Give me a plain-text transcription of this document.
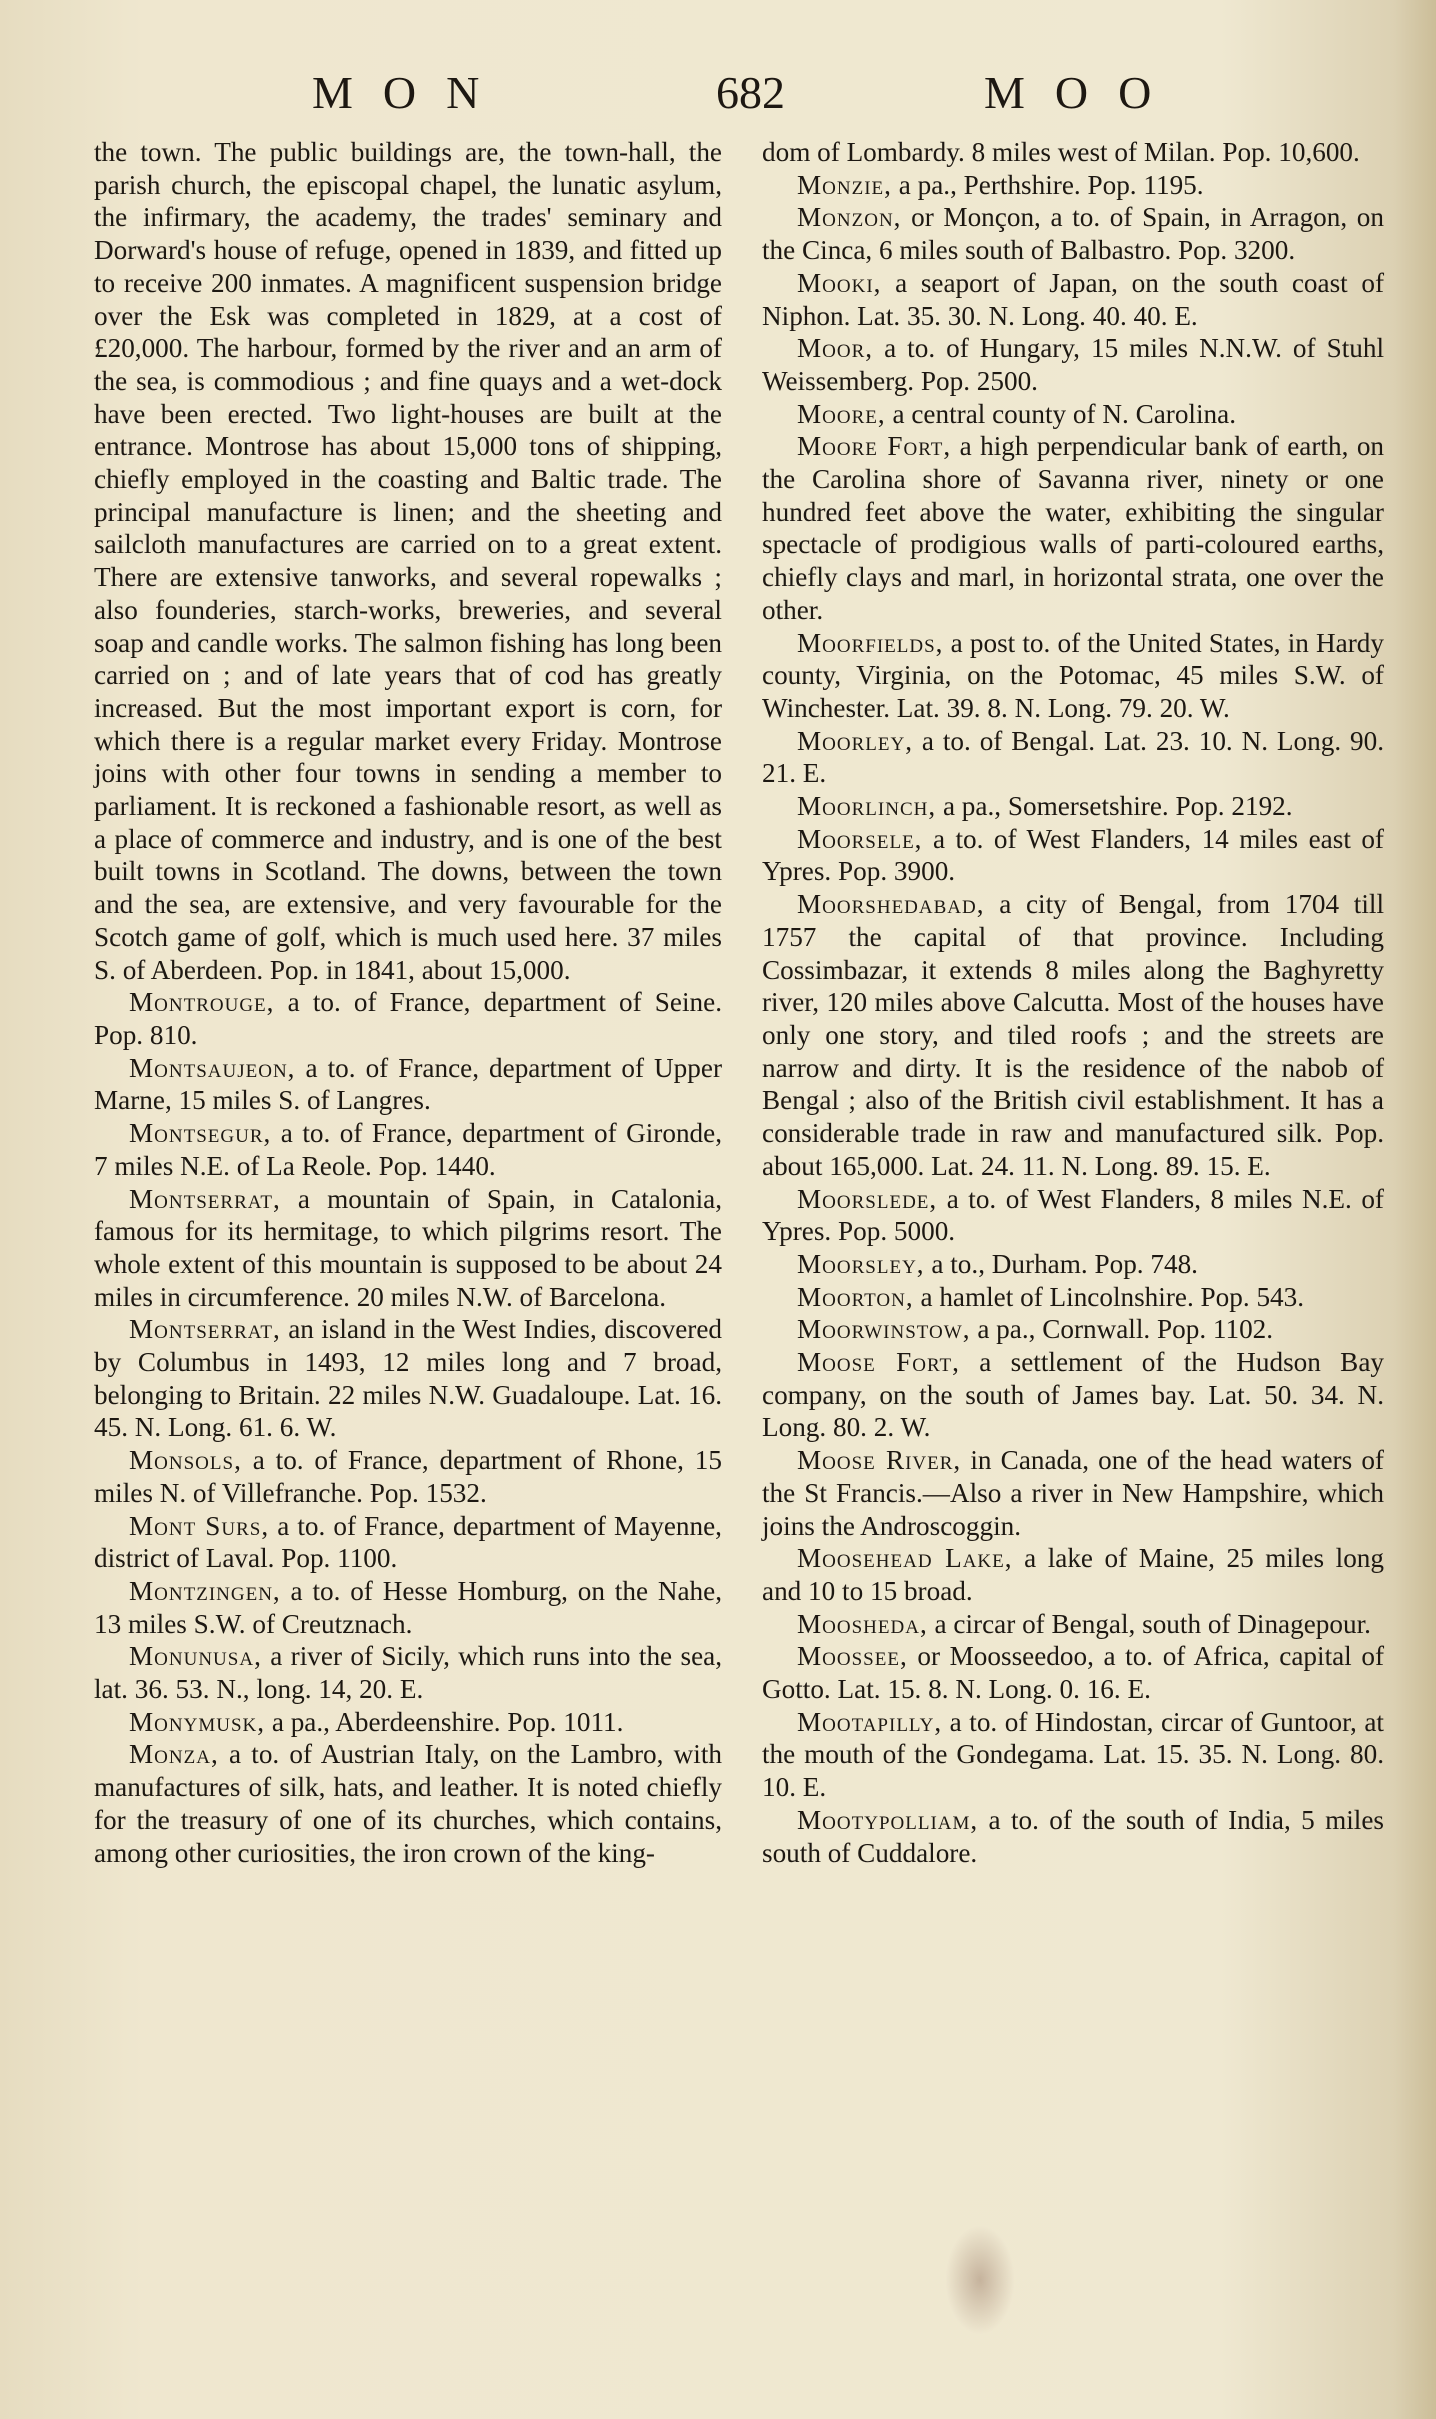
MON	682	MOO

the town. The public buildings are, the town-hall, the parish church, the episcopal chapel, the lunatic asylum, the infirmary, the academy, the trades' seminary and Dorward's house of refuge, opened in 1839, and fitted up to receive 200 inmates. A magnificent suspension bridge over the Esk was completed in 1829, at a cost of £20,000. The harbour, formed by the river and an arm of the sea, is commodious ; and fine quays and a wet-dock have been erected. Two light-houses are built at the entrance. Montrose has about 15,000 tons of shipping, chiefly employed in the coasting and Baltic trade. The principal manufacture is linen; and the sheeting and sailcloth manufactures are carried on to a great extent. There are extensive tanworks, and several ropewalks ; also founderies, starch-works, breweries, and several soap and candle works. The salmon fishing has long been carried on ; and of late years that of cod has greatly increased. But the most important export is corn, for which there is a regular market every Friday. Montrose joins with other four towns in sending a member to parliament. It is reckoned a fashionable resort, as well as a place of commerce and industry, and is one of the best built towns in Scotland. The downs, between the town and the sea, are extensive, and very favourable for the Scotch game of golf, which is much used here. 37 miles S. of Aberdeen. Pop. in 1841, about 15,000.

Montrouge, a to. of France, department of Seine. Pop. 810.

Montsaujeon, a to. of France, department of Upper Marne, 15 miles S. of Langres.

Montsegur, a to. of France, department of Gironde, 7 miles N.E. of La Reole. Pop. 1440.

Montserrat, a mountain of Spain, in Catalonia, famous for its hermitage, to which pilgrims resort. The whole extent of this mountain is supposed to be about 24 miles in circumference. 20 miles N.W. of Barcelona.

Montserrat, an island in the West Indies, discovered by Columbus in 1493, 12 miles long and 7 broad, belonging to Britain. 22 miles N.W. Guadaloupe. Lat. 16. 45. N. Long. 61. 6. W.

Monsols, a to. of France, department of Rhone, 15 miles N. of Villefranche. Pop. 1532.

Mont Surs, a to. of France, department of Mayenne, district of Laval. Pop. 1100.

Montzingen, a to. of Hesse Homburg, on the Nahe, 13 miles S.W. of Creutznach.

Monunusa, a river of Sicily, which runs into the sea, lat. 36. 53. N., long. 14, 20. E.

Monymusk, a pa., Aberdeenshire. Pop. 1011.

Monza, a to. of Austrian Italy, on the Lambro, with manufactures of silk, hats, and leather. It is noted chiefly for the treasury of one of its churches, which contains, among other curiosities, the iron crown of the king-

dom of Lombardy. 8 miles west of Milan. Pop. 10,600.

Monzie, a pa., Perthshire. Pop. 1195.

Monzon, or Monçon, a to. of Spain, in Arragon, on the Cinca, 6 miles south of Balbastro. Pop. 3200.

Mooki, a seaport of Japan, on the south coast of Niphon. Lat. 35. 30. N. Long. 40. 40. E.

Moor, a to. of Hungary, 15 miles N.N.W. of Stuhl Weissemberg. Pop. 2500.

Moore, a central county of N. Carolina.

Moore Fort, a high perpendicular bank of earth, on the Carolina shore of Savanna river, ninety or one hundred feet above the water, exhibiting the singular spectacle of prodigious walls of parti-coloured earths, chiefly clays and marl, in horizontal strata, one over the other.

Moorfields, a post to. of the United States, in Hardy county, Virginia, on the Potomac, 45 miles S.W. of Winchester. Lat. 39. 8. N. Long. 79. 20. W.

Moorley, a to. of Bengal. Lat. 23. 10. N. Long. 90. 21. E.

Moorlinch, a pa., Somersetshire. Pop. 2192.

Moorsele, a to. of West Flanders, 14 miles east of Ypres. Pop. 3900.

Moorshedabad, a city of Bengal, from 1704 till 1757 the capital of that province. Including Cossimbazar, it extends 8 miles along the Baghyretty river, 120 miles above Calcutta. Most of the houses have only one story, and tiled roofs ; and the streets are narrow and dirty. It is the residence of the nabob of Bengal ; also of the British civil establishment. It has a considerable trade in raw and manufactured silk. Pop. about 165,000. Lat. 24. 11. N. Long. 89. 15. E.

Moorslede, a to. of West Flanders, 8 miles N.E. of Ypres. Pop. 5000.

Moorsley, a to., Durham. Pop. 748.

Moorton, a hamlet of Lincolnshire. Pop. 543.

Moorwinstow, a pa., Cornwall. Pop. 1102.

Moose Fort, a settlement of the Hudson Bay company, on the south of James bay. Lat. 50. 34. N. Long. 80. 2. W.

Moose River, in Canada, one of the head waters of the St Francis.—Also a river in New Hampshire, which joins the Androscoggin.

Moosehead Lake, a lake of Maine, 25 miles long and 10 to 15 broad.

Moosheda, a circar of Bengal, south of Dinagepour.

Moossee, or Moosseedoo, a to. of Africa, capital of Gotto. Lat. 15. 8. N. Long. 0. 16. E.

Mootapilly, a to. of Hindostan, circar of Guntoor, at the mouth of the Gondegama. Lat. 15. 35. N. Long. 80. 10. E.

Mootypolliam, a to. of the south of India, 5 miles south of Cuddalore.
